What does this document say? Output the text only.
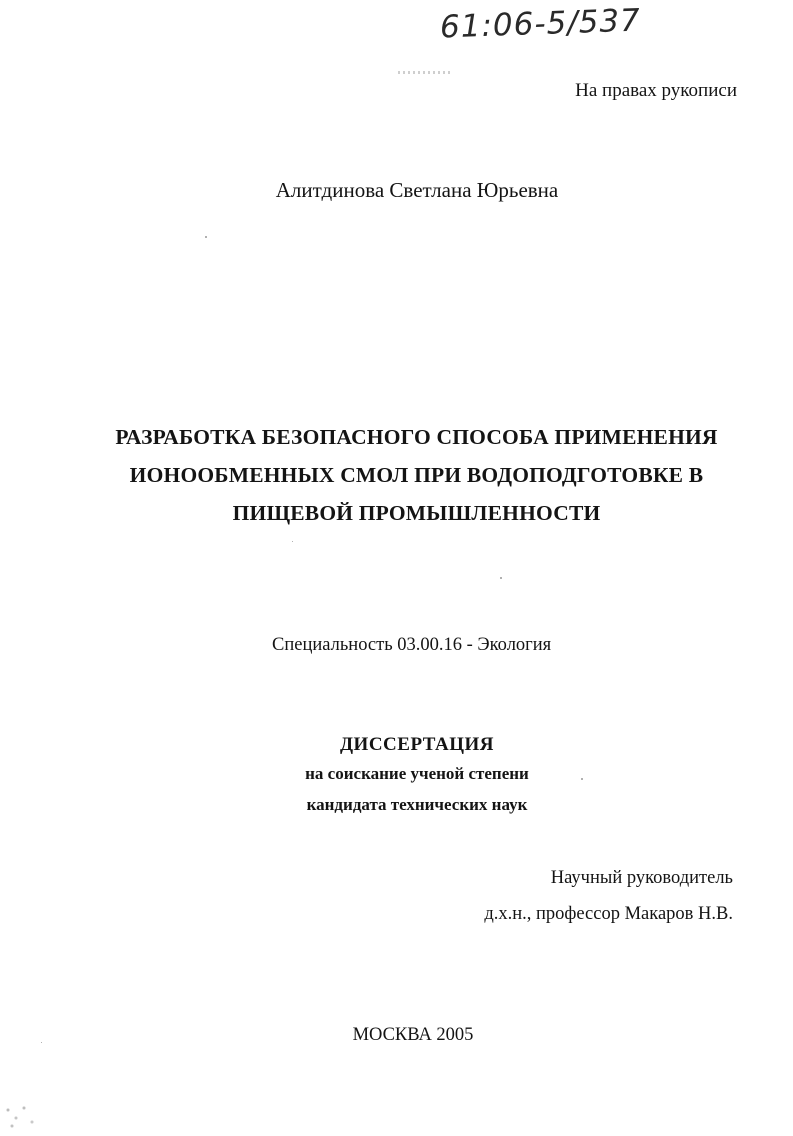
61:06-5/537
На правах рукописи
Алитдинова Светлана Юрьевна
РАЗРАБОТКА БЕЗОПАСНОГО СПОСОБА ПРИМЕНЕНИЯ
ИОНООБМЕННЫХ СМОЛ ПРИ ВОДОПОДГОТОВКЕ В
ПИЩЕВОЙ ПРОМЫШЛЕННОСТИ
Специальность 03.00.16 - Экология
ДИССЕРТАЦИЯ
на соискание ученой степени
кандидата технических наук
Научный руководитель
д.х.н., профессор Макаров Н.В.
МОСКВА 2005
